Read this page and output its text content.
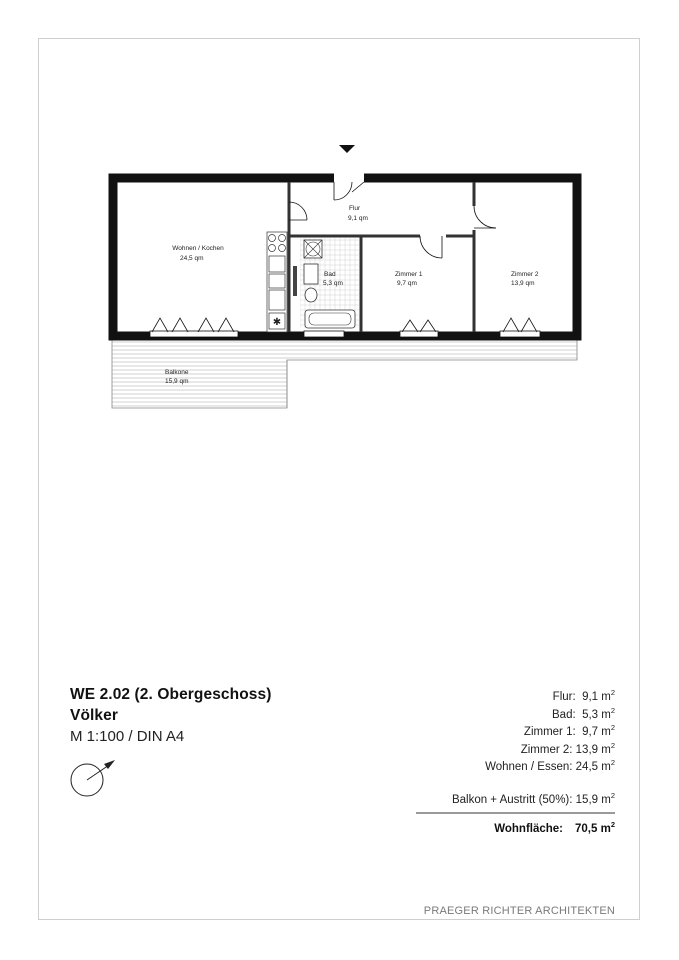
✱
Wohnen / Kochen
24,5 qm
Flur
9,1 qm
Bad
5,3 qm
Zimmer 1
9,7 qm
Zimmer 2
13,9 qm
Balkone
15,9 qm
WE 2.02 (2. Obergeschoss)
Völker
M 1:100 / DIN A4
Flur: 9,1 $m^2$
Bad: 5,3 $m^2$
Zimmer 1: 9,7 $m^2$
Zimmer 2: 13,9 $m^2$
Wohnen / Essen: 24,5 $m^2$
Balkon + Austritt (50%): 15,9 $m^2$
Wohnfläche: 70,5 $m^2$
PRAEGER RICHTER ARCHITEKTEN
